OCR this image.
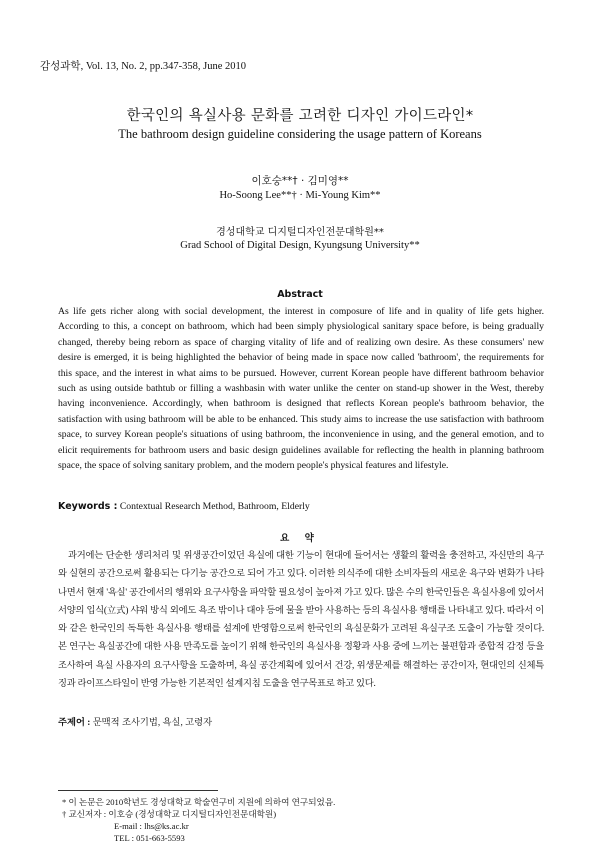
감성과학, Vol. 13, No. 2, pp.347-358, June 2010
한국인의 욕실사용 문화를 고려한 디자인 가이드라인*
The bathroom design guideline considering the usage pattern of Koreans
이호숭**† · 김미영**
Ho-Soong Lee**† · Mi-Young Kim**
경성대학교 디지털디자인전문대학원**
Grad School of Digital Design, Kyungsung University**
Abstract
As life gets richer along with social development, the interest in composure of life and in quality of life gets higher. According to this, a concept on bathroom, which had been simply physiological sanitary space before, is being gradually changed, thereby being reborn as space of charging vitality of life and of realizing own desire. As these consumers' new desire is emerged, it is being highlighted the behavior of being made in space now called 'bathroom', the requirements for this space, and the interest in what aims to be pursued. However, current Korean people have different bathroom behavior such as using outside bathtub or filling a washbasin with water unlike the center on stand-up shower in the West, thereby having inconvenience. Accordingly, when bathroom is designed that reflects Korean people's bathroom behavior, the satisfaction with using bathroom will be able to be enhanced. This study aims to increase the use satisfaction with bathroom space, to survey Korean people's situations of using bathroom, the inconvenience in using, and the general emotion, and to elicit requirements for bathroom users and basic design guidelines available for reflecting the health in planning bathroom space, the space of solving sanitary problem, and the modern people's physical features and lifestyle.
Keywords : Contextual Research Method, Bathroom, Elderly
요 약
과거에는 단순한 생리처리 및 위생공간이었던 욕실에 대한 기능이 현대에 들어서는 생활의 활력을 충전하고, 자신만의 욕구와 실현의 공간으로써 활용되는 다기능 공간으로 되어 가고 있다. 이러한 의식주에 대한 소비자들의 새로운 욕구와 변화가 나타나면서 현재 '욕실' 공간에서의 행위와 요구사항을 파악할 필요성이 높아져 가고 있다. 많은 수의 한국인들은 욕실사용에 있어서 서양의 입식(立式) 샤워 방식 외에도 욕조 밖이나 대야 등에 물을 받아 사용하는 등의 욕실사용 행태를 나타내고 있다. 따라서 이와 같은 한국인의 독특한 욕실사용 행태를 설계에 반영함으로써 한국인의 욕실문화가 고려된 욕실구조 도출이 가능할 것이다. 본 연구는 욕실공간에 대한 사용 만족도를 높이기 위해 한국인의 욕실사용 정황과 사용 중에 느끼는 불편함과 종합적 감정 등을 조사하여 욕실 사용자의 요구사항을 도출하며, 욕실 공간계획에 있어서 건강, 위생문제를 해결하는 공간이자, 현대인의 신체특징과 라이프스타일이 반영 가능한 기본적인 설계지침 도출을 연구목표로 하고 있다.
주제어 : 문맥적 조사기법, 욕실, 고령자
* 이 논문은 2010학년도 경성대학교 학술연구비 지원에 의하여 연구되었음.
† 교신저자 : 이호승 (경성대학교 디지털디자인전문대학원)
E-mail : lhs@ks.ac.kr
TEL : 051-663-5593
